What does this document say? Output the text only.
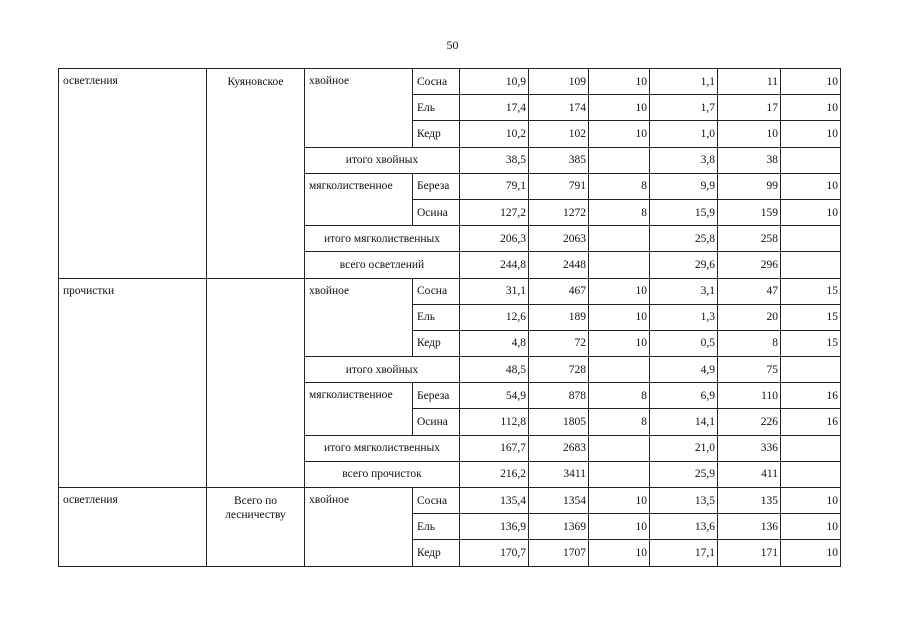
50
осветления	Куяновское	хвойное	Сосна	10,9	109	10	1,1	11	10
			Ель	17,4	174	10	1,7	17	10
			Кедр	10,2	102	10	1,0	10	10
		итого хвойных		38,5	385		3,8	38	
		мягколиственное	Береза	79,1	791	8	9,9	99	10
			Осина	127,2	1272	8	15,9	159	10
		итого мягколиственных		206,3	2063		25,8	258	
		всего осветлений		244,8	2448		29,6	296	
прочистки		хвойное	Сосна	31,1	467	10	3,1	47	15
			Ель	12,6	189	10	1,3	20	15
			Кедр	4,8	72	10	0,5	8	15
		итого хвойных		48,5	728		4,9	75	
		мягколиственное	Береза	54,9	878	8	6,9	110	16
			Осина	112,8	1805	8	14,1	226	16
		итого мягколиственных		167,7	2683		21,0	336	
		всего прочисток		216,2	3411		25,9	411	
осветления	Всего по лесничеству	хвойное	Сосна	135,4	1354	10	13,5	135	10
			Ель	136,9	1369	10	13,6	136	10
			Кедр	170,7	1707	10	17,1	171	10
